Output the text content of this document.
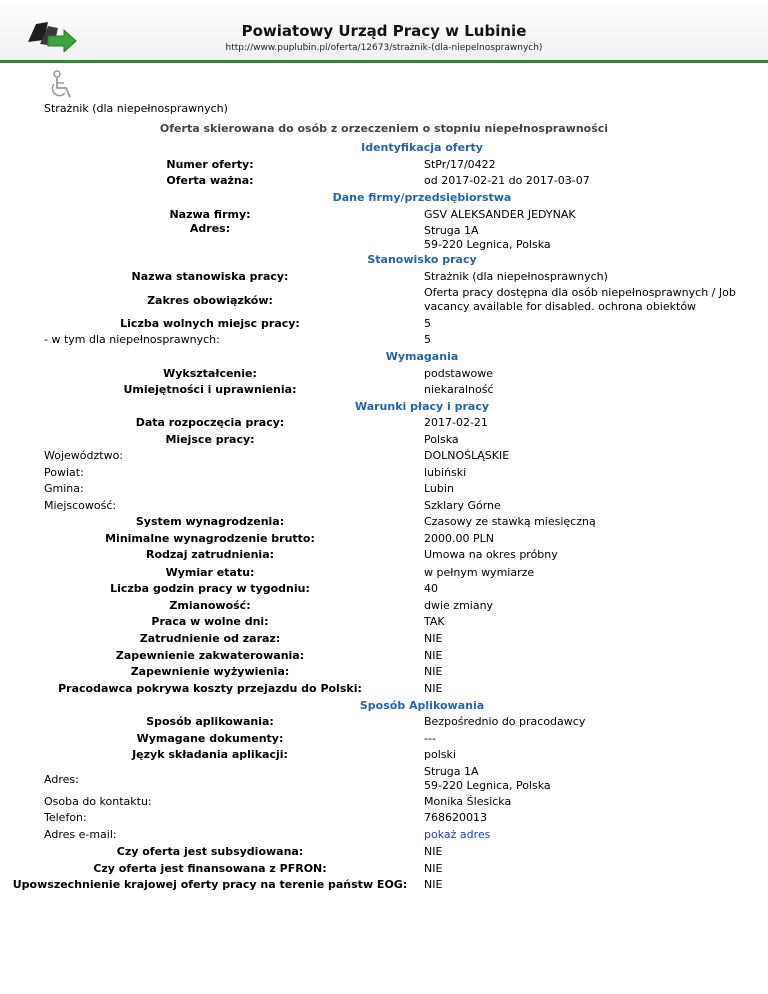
Powiatowy Urząd Pracy w Lubinie
http://www.puplubin.pl/oferta/12673/strażnik-(dla-niepelnosprawnych)
Strażnik (dla niepełnosprawnych)
Oferta skierowana do osób z orzeczeniem o stopniu niepełnosprawności
Identyfikacja oferty
Numer oferty:	StPr/17/0422
Oferta ważna:	od 2017-02-21 do 2017-03-07
Dane firmy/przedsiębiorstwa
Nazwa firmy:	GSV ALEKSANDER JEDYNAK
Adres:	Struga 1A
59-220 Legnica, Polska
Stanowisko pracy
Nazwa stanowiska pracy:	Strażnik (dla niepełnosprawnych)
Zakres obowiązków:
Oferta pracy dostępna dla osób niepełnosprawnych / Job
vacancy available for disabled. ochrona obiektów
Liczba wolnych miejsc pracy:	5
- w tym dla niepełnosprawnych:	5
Wymagania
Wykształcenie:	podstawowe
Umiejętności i uprawnienia:	niekaralność
Warunki płacy i pracy
Data rozpoczęcia pracy:	2017-02-21
Miejsce pracy:	Polska
Województwo:	DOLNOŚLĄSKIE
Powiat:	lubiński
Gmina:	Lubin
Miejscowość:	Szklary Górne
System wynagrodzenia:	Czasowy ze stawką miesięczną
Minimalne wynagrodzenie brutto:	2000.00 PLN
Rodzaj zatrudnienia:	Umowa na okres próbny
Wymiar etatu:	w pełnym wymiarze
Liczba godzin pracy w tygodniu:	40
Zmianowość:	dwie zmiany
Praca w wolne dni:	TAK
Zatrudnienie od zaraz:	NIE
Zapewnienie zakwaterowania:	NIE
Zapewnienie wyżywienia:	NIE
Pracodawca pokrywa koszty przejazdu do Polski:	NIE
Sposób Aplikowania
Sposób aplikowania:	Bezpośrednio do pracodawcy
Wymagane dokumenty:	---
Język składania aplikacji:	polski
Adres:
Struga 1A
59-220 Legnica, Polska
Osoba do kontaktu:	Monika Ślesicka
Telefon:	768620013
Adres e-mail:	pokaż adres
Czy oferta jest subsydiowana:	NIE
Czy oferta jest finansowana z PFRON:	NIE
Upowszechnienie krajowej oferty pracy na terenie państw EOG:	NIE
